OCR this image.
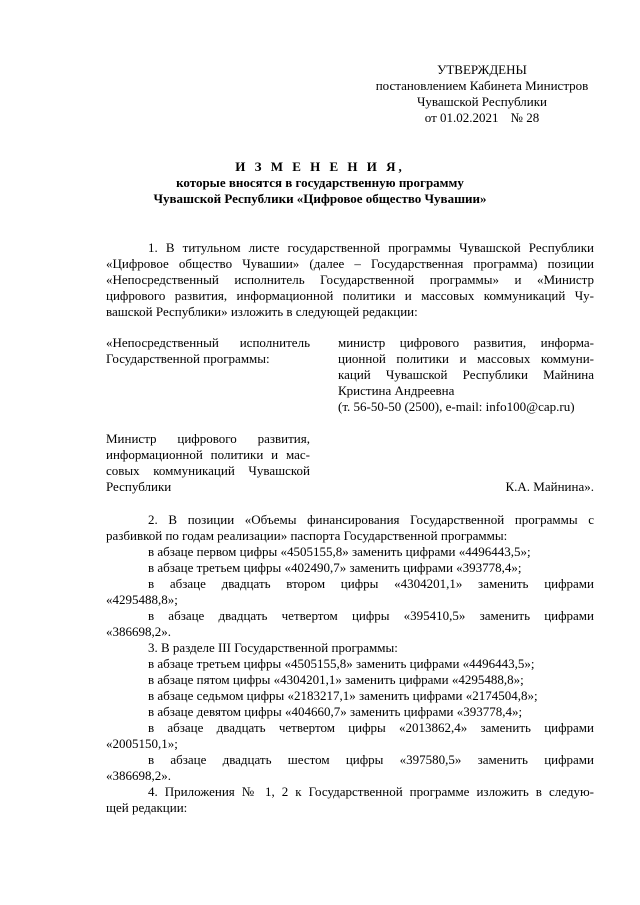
УТВЕРЖДЕНЫ
постановлением Кабинета Министров
Чувашской Республики
от 01.02.2021 № 28
И З М Е Н Е Н И Я,
которые вносятся в государственную программу
Чувашской Республики «Цифровое общество Чувашии»
1. В титульном листе государственной программы Чувашской Республики
«Цифровое общество Чувашии» (далее – Государственная программа) позиции
«Непосредственный исполнитель Государственной программы» и «Министр
цифрового развития, информационной политики и массовых коммуникаций Чу-
вашской Республики» изложить в следующей редакции:
«Непосредственный исполнитель
Государственной программы:
министр цифрового развития, информа-
ционной политики и массовых коммуни-
каций Чувашской Республики Майнина
Кристина Андреевна
(т. 56-50-50 (2500), e-mail: info100@cap.ru)
Министр цифрового развития,
информационной политики и мас-
совых коммуникаций Чувашской
Республики	К.А. Майнина».
2. В позиции «Объемы финансирования Государственной программы с
разбивкой по годам реализации» паспорта Государственной программы:
в абзаце первом цифры «4505155,8» заменить цифрами «4496443,5»;
в абзаце третьем цифры «402490,7» заменить цифрами «393778,4»;
в абзаце двадцать втором цифры «4304201,1» заменить цифрами
«4295488,8»;
в абзаце двадцать четвертом цифры «395410,5» заменить цифрами
«386698,2».
3. В разделе III Государственной программы:
в абзаце третьем цифры «4505155,8» заменить цифрами «4496443,5»;
в абзаце пятом цифры «4304201,1» заменить цифрами «4295488,8»;
в абзаце седьмом цифры «2183217,1» заменить цифрами «2174504,8»;
в абзаце девятом цифры «404660,7» заменить цифрами «393778,4»;
в абзаце двадцать четвертом цифры «2013862,4» заменить цифрами
«2005150,1»;
в абзаце двадцать шестом цифры «397580,5» заменить цифрами
«386698,2».
4. Приложения № 1, 2 к Государственной программе изложить в следую-
щей редакции:
